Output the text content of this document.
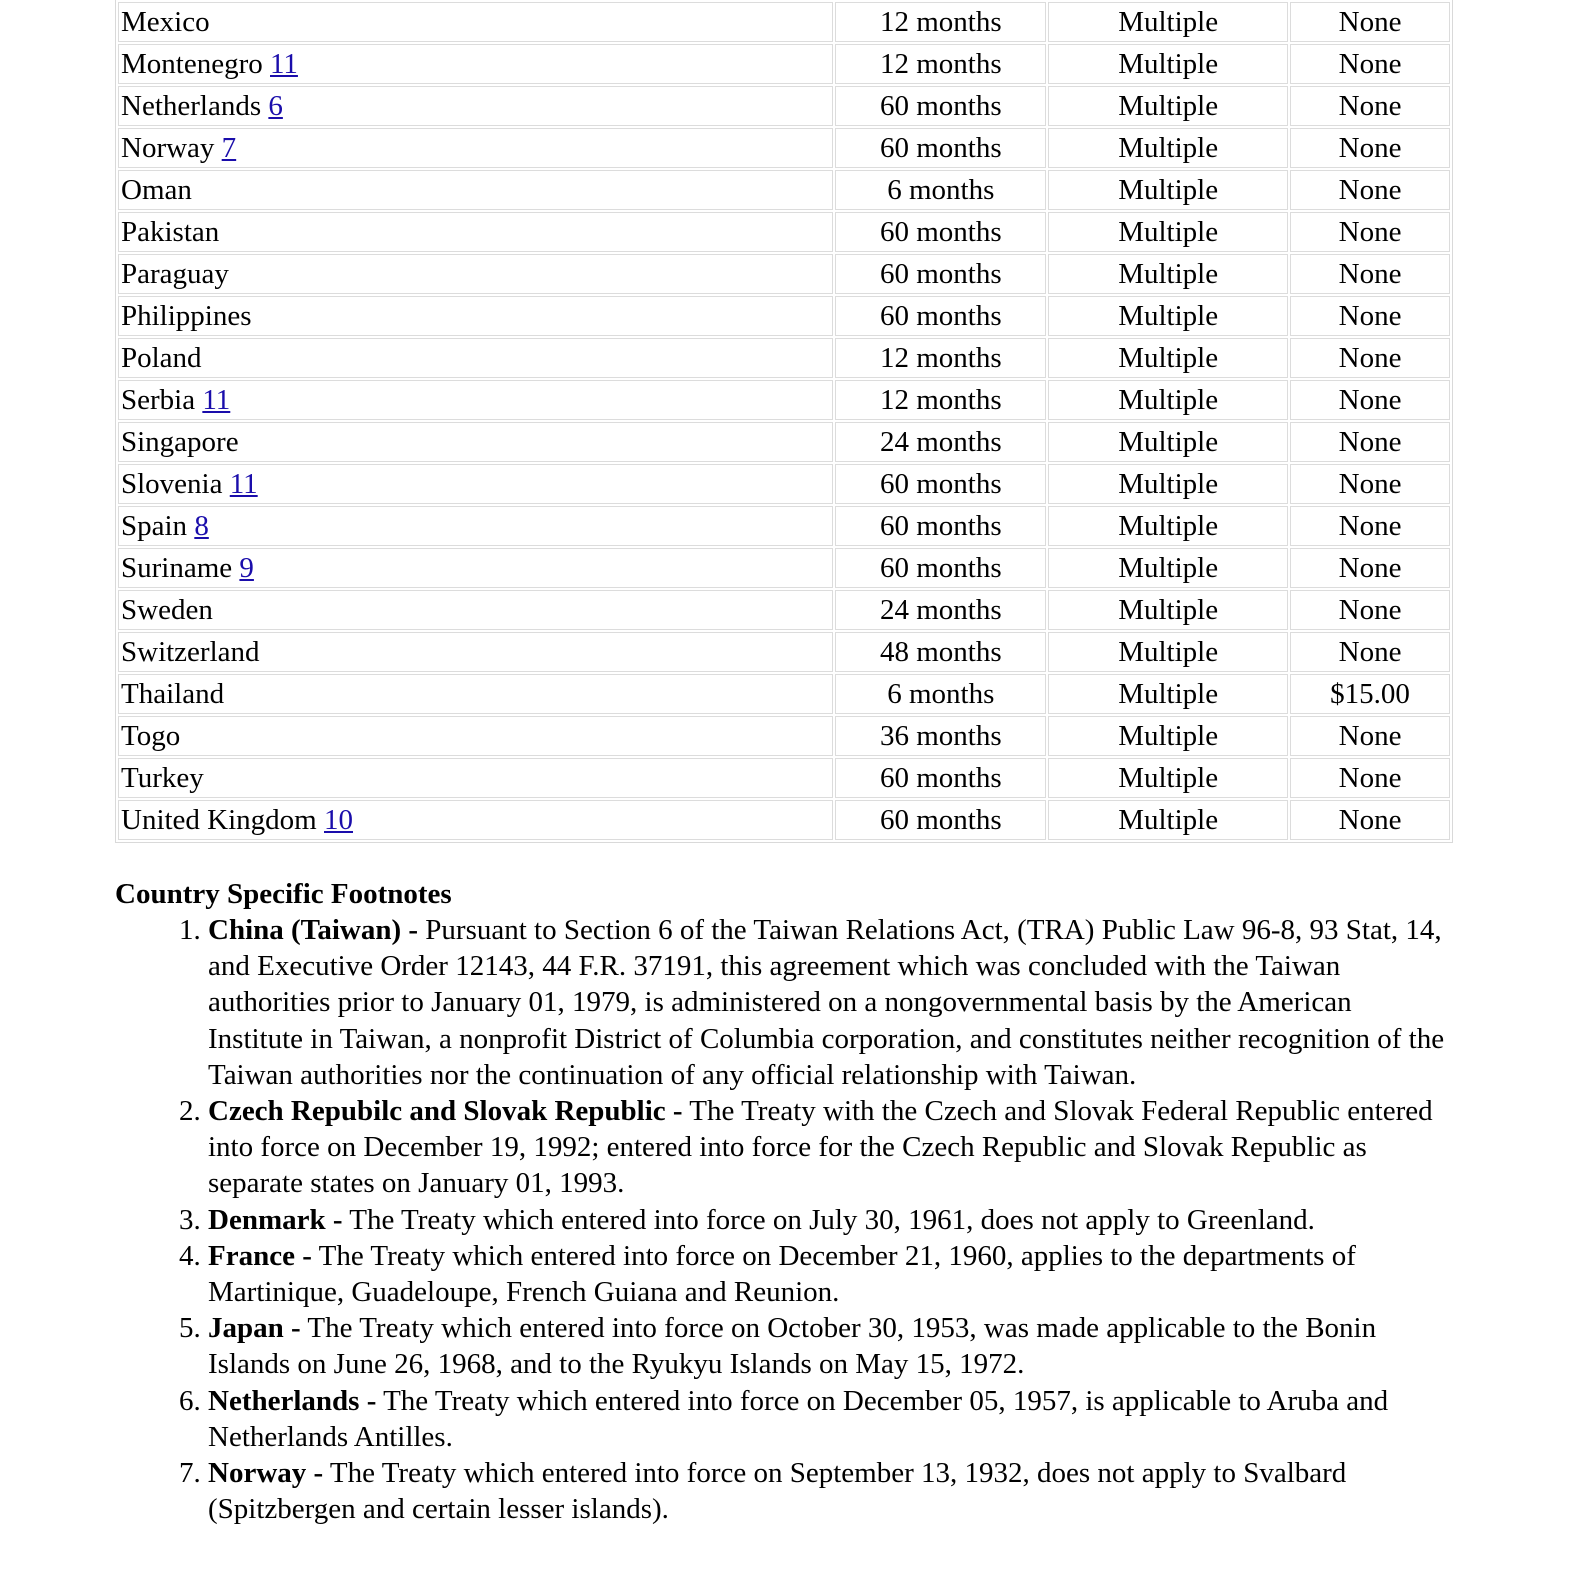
Mexico	12 months	Multiple	None
Montenegro 11	12 months	Multiple	None
Netherlands 6	60 months	Multiple	None
Norway 7	60 months	Multiple	None
Oman	6 months	Multiple	None
Pakistan	60 months	Multiple	None
Paraguay	60 months	Multiple	None
Philippines	60 months	Multiple	None
Poland	12 months	Multiple	None
Serbia 11	12 months	Multiple	None
Singapore	24 months	Multiple	None
Slovenia 11	60 months	Multiple	None
Spain 8	60 months	Multiple	None
Suriname 9	60 months	Multiple	None
Sweden	24 months	Multiple	None
Switzerland	48 months	Multiple	None
Thailand	6 months	Multiple	$15.00
Togo	36 months	Multiple	None
Turkey	60 months	Multiple	None
United Kingdom 10	60 months	Multiple	None

Country Specific Footnotes

1. China (Taiwan) - Pursuant to Section 6 of the Taiwan Relations Act, (TRA) Public Law 96-8, 93 Stat, 14, and Executive Order 12143, 44 F.R. 37191, this agreement which was concluded with the Taiwan authorities prior to January 01, 1979, is administered on a nongovernmental basis by the American Institute in Taiwan, a nonprofit District of Columbia corporation, and constitutes neither recognition of the Taiwan authorities nor the continuation of any official relationship with Taiwan.
2. Czech Repubilc and Slovak Republic - The Treaty with the Czech and Slovak Federal Republic entered into force on December 19, 1992; entered into force for the Czech Republic and Slovak Republic as separate states on January 01, 1993.
3. Denmark - The Treaty which entered into force on July 30, 1961, does not apply to Greenland.
4. France - The Treaty which entered into force on December 21, 1960, applies to the departments of Martinique, Guadeloupe, French Guiana and Reunion.
5. Japan - The Treaty which entered into force on October 30, 1953, was made applicable to the Bonin Islands on June 26, 1968, and to the Ryukyu Islands on May 15, 1972.
6. Netherlands - The Treaty which entered into force on December 05, 1957, is applicable to Aruba and Netherlands Antilles.
7. Norway - The Treaty which entered into force on September 13, 1932, does not apply to Svalbard (Spitzbergen and certain lesser islands).
